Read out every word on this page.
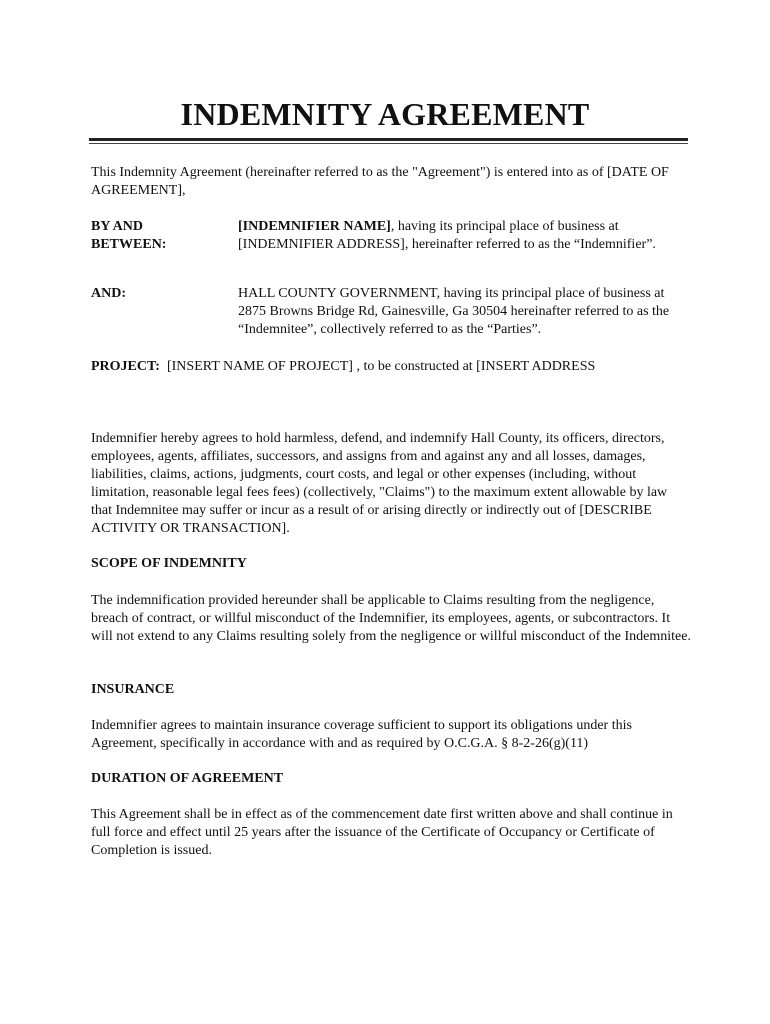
INDEMNITY AGREEMENT

This Indemnity Agreement (hereinafter referred to as the "Agreement") is entered into as of [DATE OF AGREEMENT],

BY AND
BETWEEN:
[INDEMNIFIER NAME], having its principal place of business at [INDEMNIFIER ADDRESS], hereinafter referred to as the “Indemnifier”.
AND:	HALL COUNTY GOVERNMENT, having its principal place of business at 2875 Browns Bridge Rd, Gainesville, Ga 30504 hereinafter referred to as the “Indemnitee”, collectively referred to as the “Parties”.
PROJECT: [INSERT NAME OF PROJECT] , to be constructed at [INSERT ADDRESS

Indemnifier hereby agrees to hold harmless, defend, and indemnify Hall County, its officers, directors, employees, agents, affiliates, successors, and assigns from and against any and all losses, damages, liabilities, claims, actions, judgments, court costs, and legal or other expenses (including, without limitation, reasonable legal fees fees) (collectively, "Claims") to the maximum extent allowable by law that Indemnitee may suffer or incur as a result of or arising directly or indirectly out of [DESCRIBE ACTIVITY OR TRANSACTION].

SCOPE OF INDEMNITY

The indemnification provided hereunder shall be applicable to Claims resulting from the negligence, breach of contract, or willful misconduct of the Indemnifier, its employees, agents, or subcontractors. It will not extend to any Claims resulting solely from the negligence or willful misconduct of the Indemnitee.

INSURANCE

Indemnifier agrees to maintain insurance coverage sufficient to support its obligations under this Agreement, specifically in accordance with and as required by O.C.G.A. § 8-2-26(g)(11)

DURATION OF AGREEMENT

This Agreement shall be in effect as of the commencement date first written above and shall continue in full force and effect until 25 years after the issuance of the Certificate of Occupancy or Certificate of Completion is issued.
